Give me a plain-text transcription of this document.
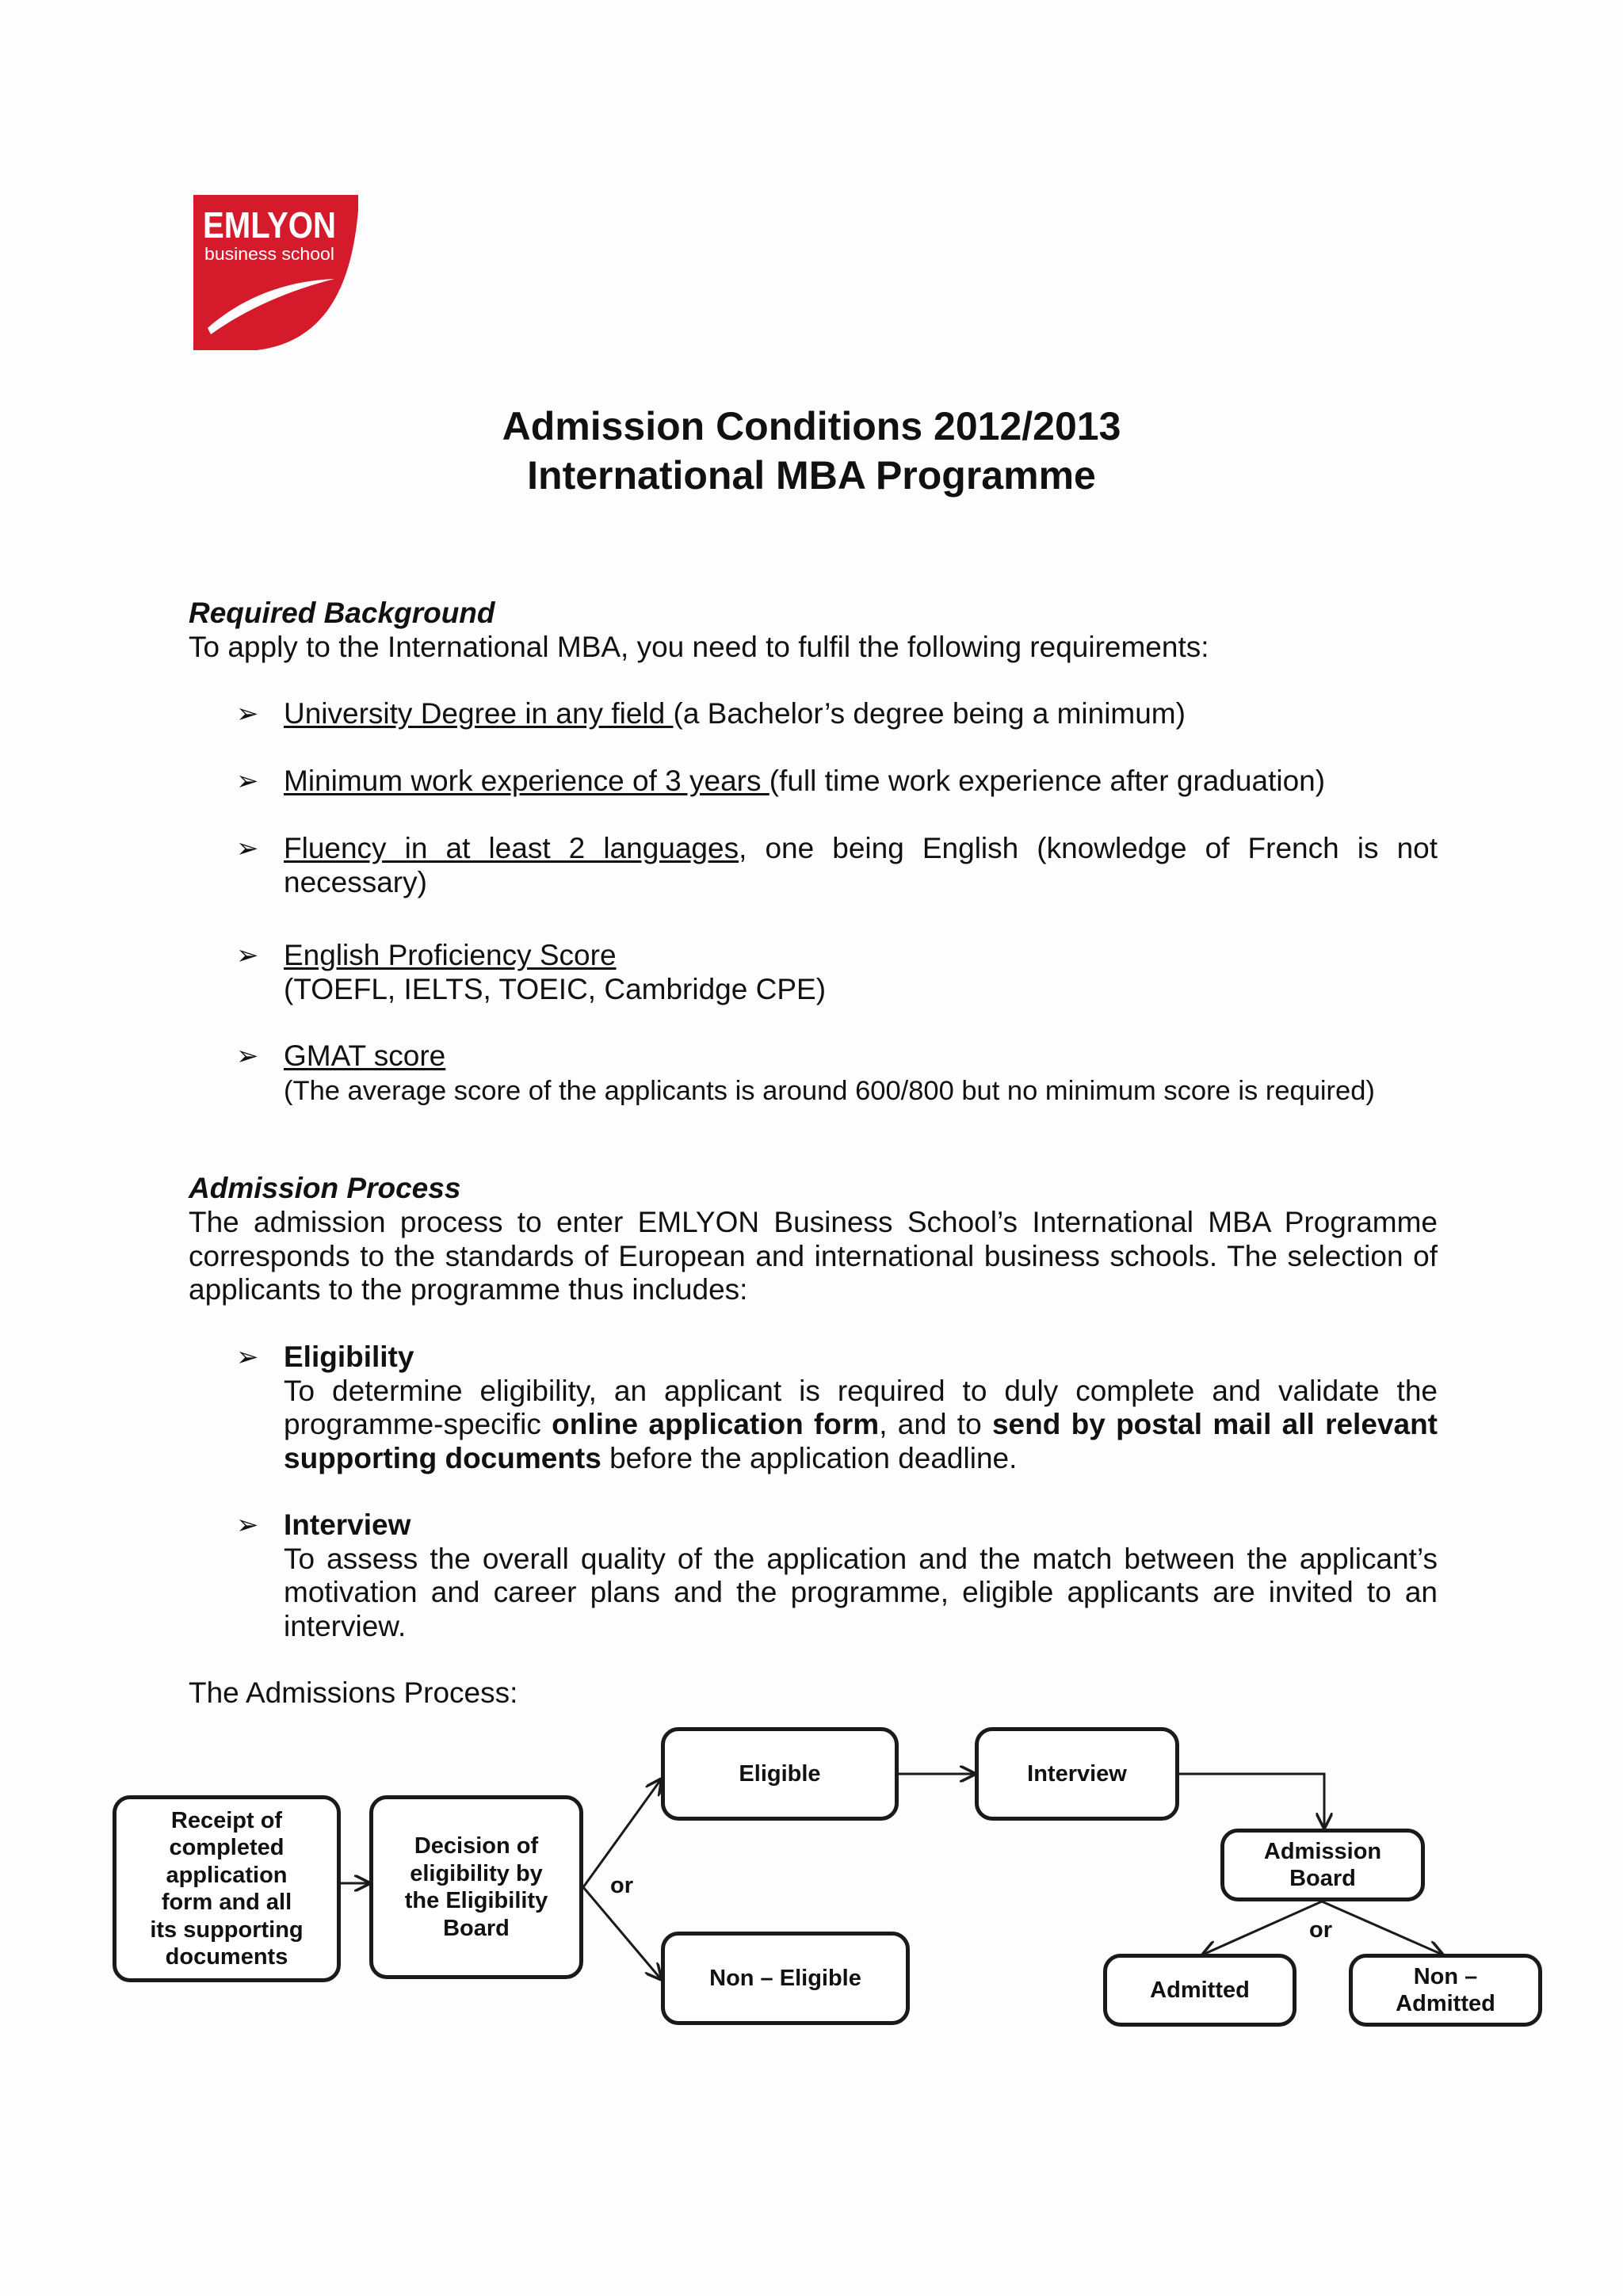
EMLYON
business school
Admission Conditions 2012/2013
International MBA Programme
Required Background

To apply to the International MBA, you need to fulfil the following requirements:

➢ University Degree in any field (a Bachelor’s degree being a minimum)

➢ Minimum work experience of 3 years (full time work experience after graduation)

➢ Fluency in at least 2 languages, one being English (knowledge of French is not necessary)

➢ English Proficiency Score
(TOEFL, IELTS, TOEIC, Cambridge CPE)

➢ GMAT score
(The average score of the applicants is around 600/800 but no minimum score is required)

Admission Process

The admission process to enter EMLYON Business School’s International MBA Programme corresponds to the standards of European and international business schools. The selection of applicants to the programme thus includes:

➢ Eligibility
To determine eligibility, an applicant is required to duly complete and validate the programme-specific online application form, and to send by postal mail all relevant supporting documents before the application deadline.
➢ Interview
To assess the overall quality of the application and the match between the applicant’s motivation and career plans and the programme, eligible applicants are invited to an interview.

The Admissions Process:

Receipt of
completed
application
form and all
its supporting
documents
Decision of
eligibility by
the Eligibility
Board
or
Eligible
Non – Eligible
Interview
Admission
Board
or
Admitted
Non –
Admitted
